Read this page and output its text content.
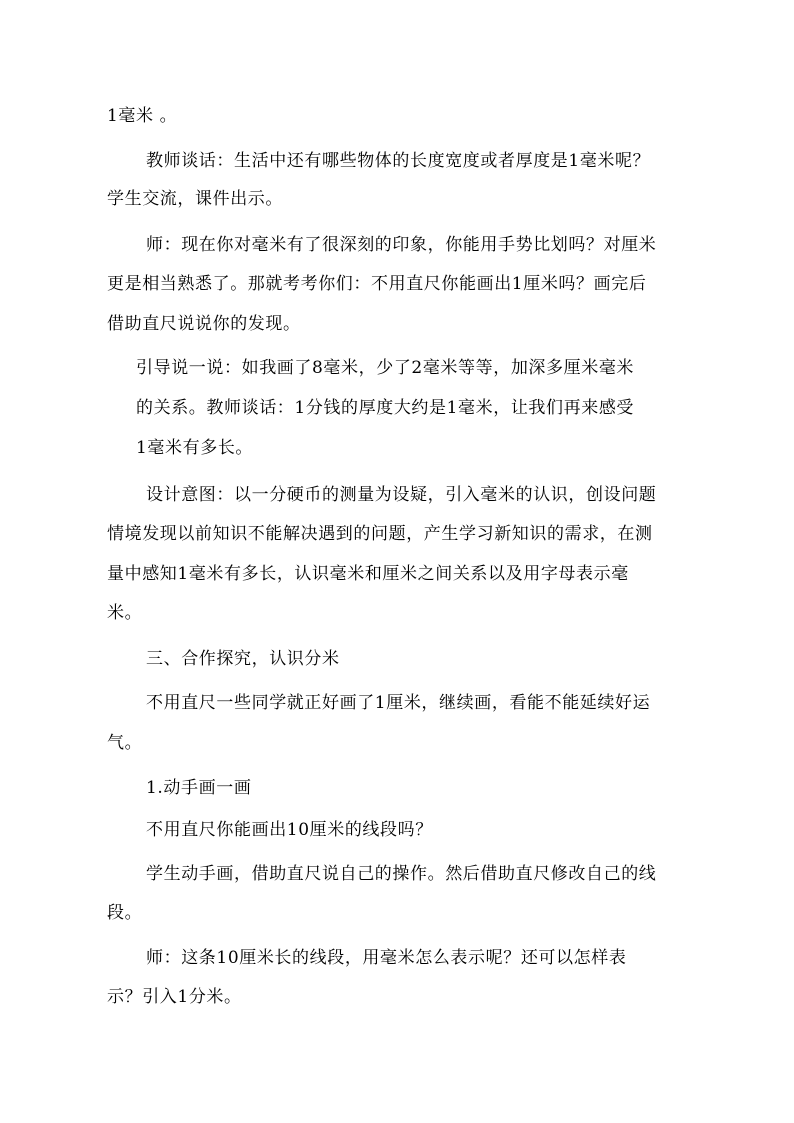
1毫米 。
教师谈话：生活中还有哪些物体的长度宽度或者厚度是1毫米呢？
学生交流，课件出示。
师：现在你对毫米有了很深刻的印象，你能用手势比划吗？对厘米
更是相当熟悉了。那就考考你们：不用直尺你能画出1厘米吗？画完后
借助直尺说说你的发现。
引导说一说：如我画了8毫米，少了2毫米等等，加深多厘米毫米
的关系。教师谈话：1分钱的厚度大约是1毫米，让我们再来感受
1毫米有多长。
设计意图：以一分硬币的测量为设疑，引入毫米的认识，创设问题
情境发现以前知识不能解决遇到的问题，产生学习新知识的需求，在测
量中感知1毫米有多长，认识毫米和厘米之间关系以及用字母表示毫
米。
三、合作探究，认识分米
不用直尺一些同学就正好画了1厘米，继续画，看能不能延续好运
气。
1.动手画一画
不用直尺你能画出10厘米的线段吗？
学生动手画，借助直尺说自己的操作。然后借助直尺修改自己的线
段。
师：这条10厘米长的线段，用毫米怎么表示呢？还可以怎样表
示？引入1分米。
